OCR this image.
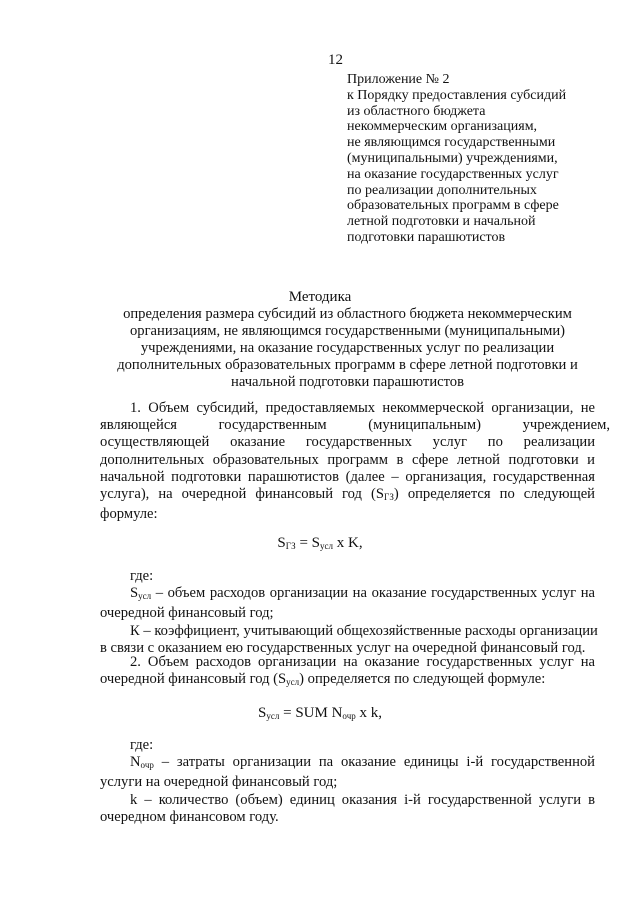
12
Приложение № 2
к Порядку предоставления субсидий
из областного бюджета
некоммерческим организациям,
не являющимся государственными
(муниципальными) учреждениями,
на оказание государственных услуг
по реализации дополнительных
образовательных программ в сфере
летной подготовки и начальной
подготовки парашютистов
Методика
определения размера субсидий из областного бюджета некоммерческим
организациям, не являющимся государственными (муниципальными)
учреждениями, на оказание государственных услуг по реализации
дополнительных образовательных программ в сфере летной подготовки и
начальной подготовки парашютистов
1. Объем субсидий, предоставляемых некоммерческой организации, не
являющейся государственным (муниципальным) учреждением,
осуществляющей оказание государственных услуг по реализации
дополнительных образовательных программ в сфере летной подготовки и
начальной подготовки парашютистов (далее – организация, государственная
услуга), на очередной финансовый год (SГЗ) определяется по следующей
формуле:
SГЗ = Sусл x K,
где:
Sусл – объем расходов организации на оказание государственных услуг на
очередной финансовый год;
К – коэффициент, учитывающий общехозяйственные расходы организации
в связи с оказанием ею государственных услуг на очередной финансовый год.
2. Объем расходов организации на оказание государственных услуг на
очередной финансовый год (Sусл) определяется по следующей формуле:
Sусл = SUM Nочр x k,
где:
Nочр – затраты организации па оказание единицы i-й государственной
услуги на очередной финансовый год;
k – количество (объем) единиц оказания i-й государственной услуги в
очередном финансовом году.
